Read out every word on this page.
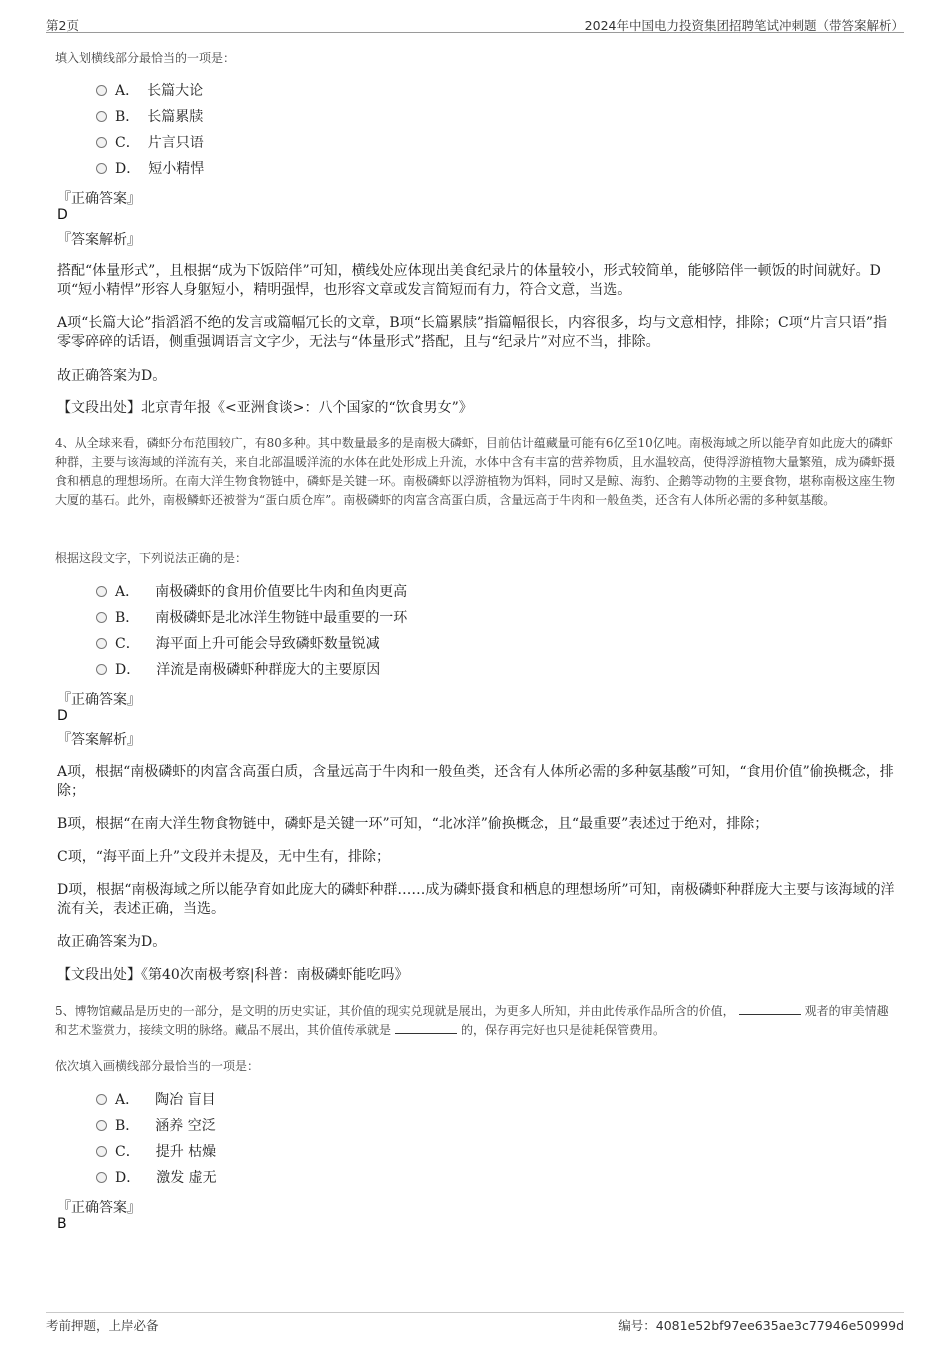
第2页	2024年中国电力投资集团招聘笔试冲刺题（带答案解析）
填入划横线部分最恰当的一项是：
A． 长篇大论
B． 长篇累牍
C． 片言只语
D． 短小精悍
『正确答案』
D
『答案解析』
搭配“体量形式”，且根据“成为下饭陪伴”可知，横线处应体现出美食纪录片的体量较小，形式较简单，能够陪伴一顿饭的时间就好。D项“短小精悍”形容人身躯短小，精明强悍，也形容文章或发言简短而有力，符合文意，当选。
A项“长篇大论”指滔滔不绝的发言或篇幅冗长的文章，B项“长篇累牍”指篇幅很长，内容很多，均与文意相悖，排除；C项“片言只语”指零零碎碎的话语，侧重强调语言文字少，无法与“体量形式”搭配，且与“纪录片”对应不当，排除。
故正确答案为D。
【文段出处】北京青年报《<亚洲食谈>：八个国家的“饮食男女”》
4、从全球来看，磷虾分布范围较广，有80多种。其中数量最多的是南极大磷虾，目前估计蕴藏量可能有6亿至10亿吨。南极海域之所以能孕育如此庞大的磷虾种群，主要与该海域的洋流有关，来自北部温暖洋流的水体在此处形成上升流，水体中含有丰富的营养物质，且水温较高，使得浮游植物大量繁殖，成为磷虾摄食和栖息的理想场所。在南大洋生物食物链中，磷虾是关键一环。南极磷虾以浮游植物为饵料，同时又是鲸、海豹、企鹅等动物的主要食物，堪称南极这座生物大厦的基石。此外，南极鳞虾还被誉为“蛋白质仓库”。南极磷虾的肉富含高蛋白质，含量远高于牛肉和一般鱼类，还含有人体所必需的多种氨基酸。
根据这段文字，下列说法正确的是：
A． 南极磷虾的食用价值要比牛肉和鱼肉更高
B． 南极磷虾是北冰洋生物链中最重要的一环
C． 海平面上升可能会导致磷虾数量锐减
D． 洋流是南极磷虾种群庞大的主要原因
『正确答案』
D
『答案解析』
A项，根据“南极磷虾的肉富含高蛋白质，含量远高于牛肉和一般鱼类，还含有人体所必需的多种氨基酸”可知，“食用价值”偷换概念，排除；
B项，根据“在南大洋生物食物链中，磷虾是关键一环”可知，“北冰洋”偷换概念，且“最重要”表述过于绝对，排除；
C项，“海平面上升”文段并未提及，无中生有，排除；
D项，根据“南极海域之所以能孕育如此庞大的磷虾种群……成为磷虾摄食和栖息的理想场所”可知，南极磷虾种群庞大主要与该海域的洋流有关，表述正确，当选。
故正确答案为D。
【文段出处】《第40次南极考察|科普：南极磷虾能吃吗》
5、博物馆藏品是历史的一部分，是文明的历史实证，其价值的现实兑现就是展出，为更多人所知，并由此传承作品所含的价值，	观者的审美情趣和艺术鉴赏力，接续文明的脉络。藏品不展出，其价值传承就是	的，保存再完好也只是徒耗保管费用。
依次填入画横线部分最恰当的一项是：
A． 陶冶 盲目
B． 涵养 空泛
C． 提升 枯燥
D． 激发 虚无
『正确答案』
B
考前押题，上岸必备	编号：4081e52bf97ee635ae3c77946e50999d
